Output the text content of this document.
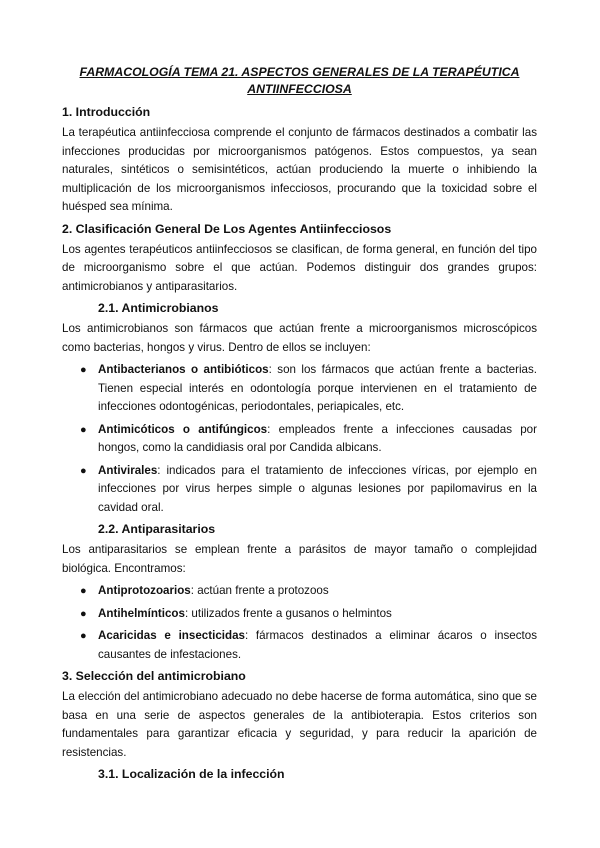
FARMACOLOGÍA TEMA 21. ASPECTOS GENERALES DE LA TERAPÉUTICA
ANTIINFECCIOSA
1. Introducción

La terapéutica antiinfecciosa comprende el conjunto de fármacos destinados a combatir las infecciones producidas por microorganismos patógenos. Estos compuestos, ya sean naturales, sintéticos o semisintéticos, actúan produciendo la muerte o inhibiendo la multiplicación de los microorganismos infecciosos, procurando que la toxicidad sobre el huésped sea mínima.

2. Clasificación General De Los Agentes Antiinfecciosos

Los agentes terapéuticos antiinfecciosos se clasifican, de forma general, en función del tipo de microorganismo sobre el que actúan. Podemos distinguir dos grandes grupos: antimicrobianos y antiparasitarios.

2.1. Antimicrobianos

Los antimicrobianos son fármacos que actúan frente a microorganismos microscópicos como bacterias, hongos y virus. Dentro de ellos se incluyen:

● Antibacterianos o antibióticos: son los fármacos que actúan frente a bacterias. Tienen especial interés en odontología porque intervienen en el tratamiento de infecciones odontogénicas, periodontales, periapicales, etc.
● Antimicóticos o antifúngicos: empleados frente a infecciones causadas por hongos, como la candidiasis oral por Candida albicans.
● Antivirales: indicados para el tratamiento de infecciones víricas, por ejemplo en infecciones por virus herpes simple o algunas lesiones por papilomavirus en la cavidad oral.
2.2. Antiparasitarios

Los antiparasitarios se emplean frente a parásitos de mayor tamaño o complejidad biológica. Encontramos:

● Antiprotozoarios: actúan frente a protozoos
● Antihelmínticos: utilizados frente a gusanos o helmintos
● Acaricidas e insecticidas: fármacos destinados a eliminar ácaros o insectos causantes de infestaciones.
3. Selección del antimicrobiano

La elección del antimicrobiano adecuado no debe hacerse de forma automática, sino que se basa en una serie de aspectos generales de la antibioterapia. Estos criterios son fundamentales para garantizar eficacia y seguridad, y para reducir la aparición de resistencias.

3.1. Localización de la infección
